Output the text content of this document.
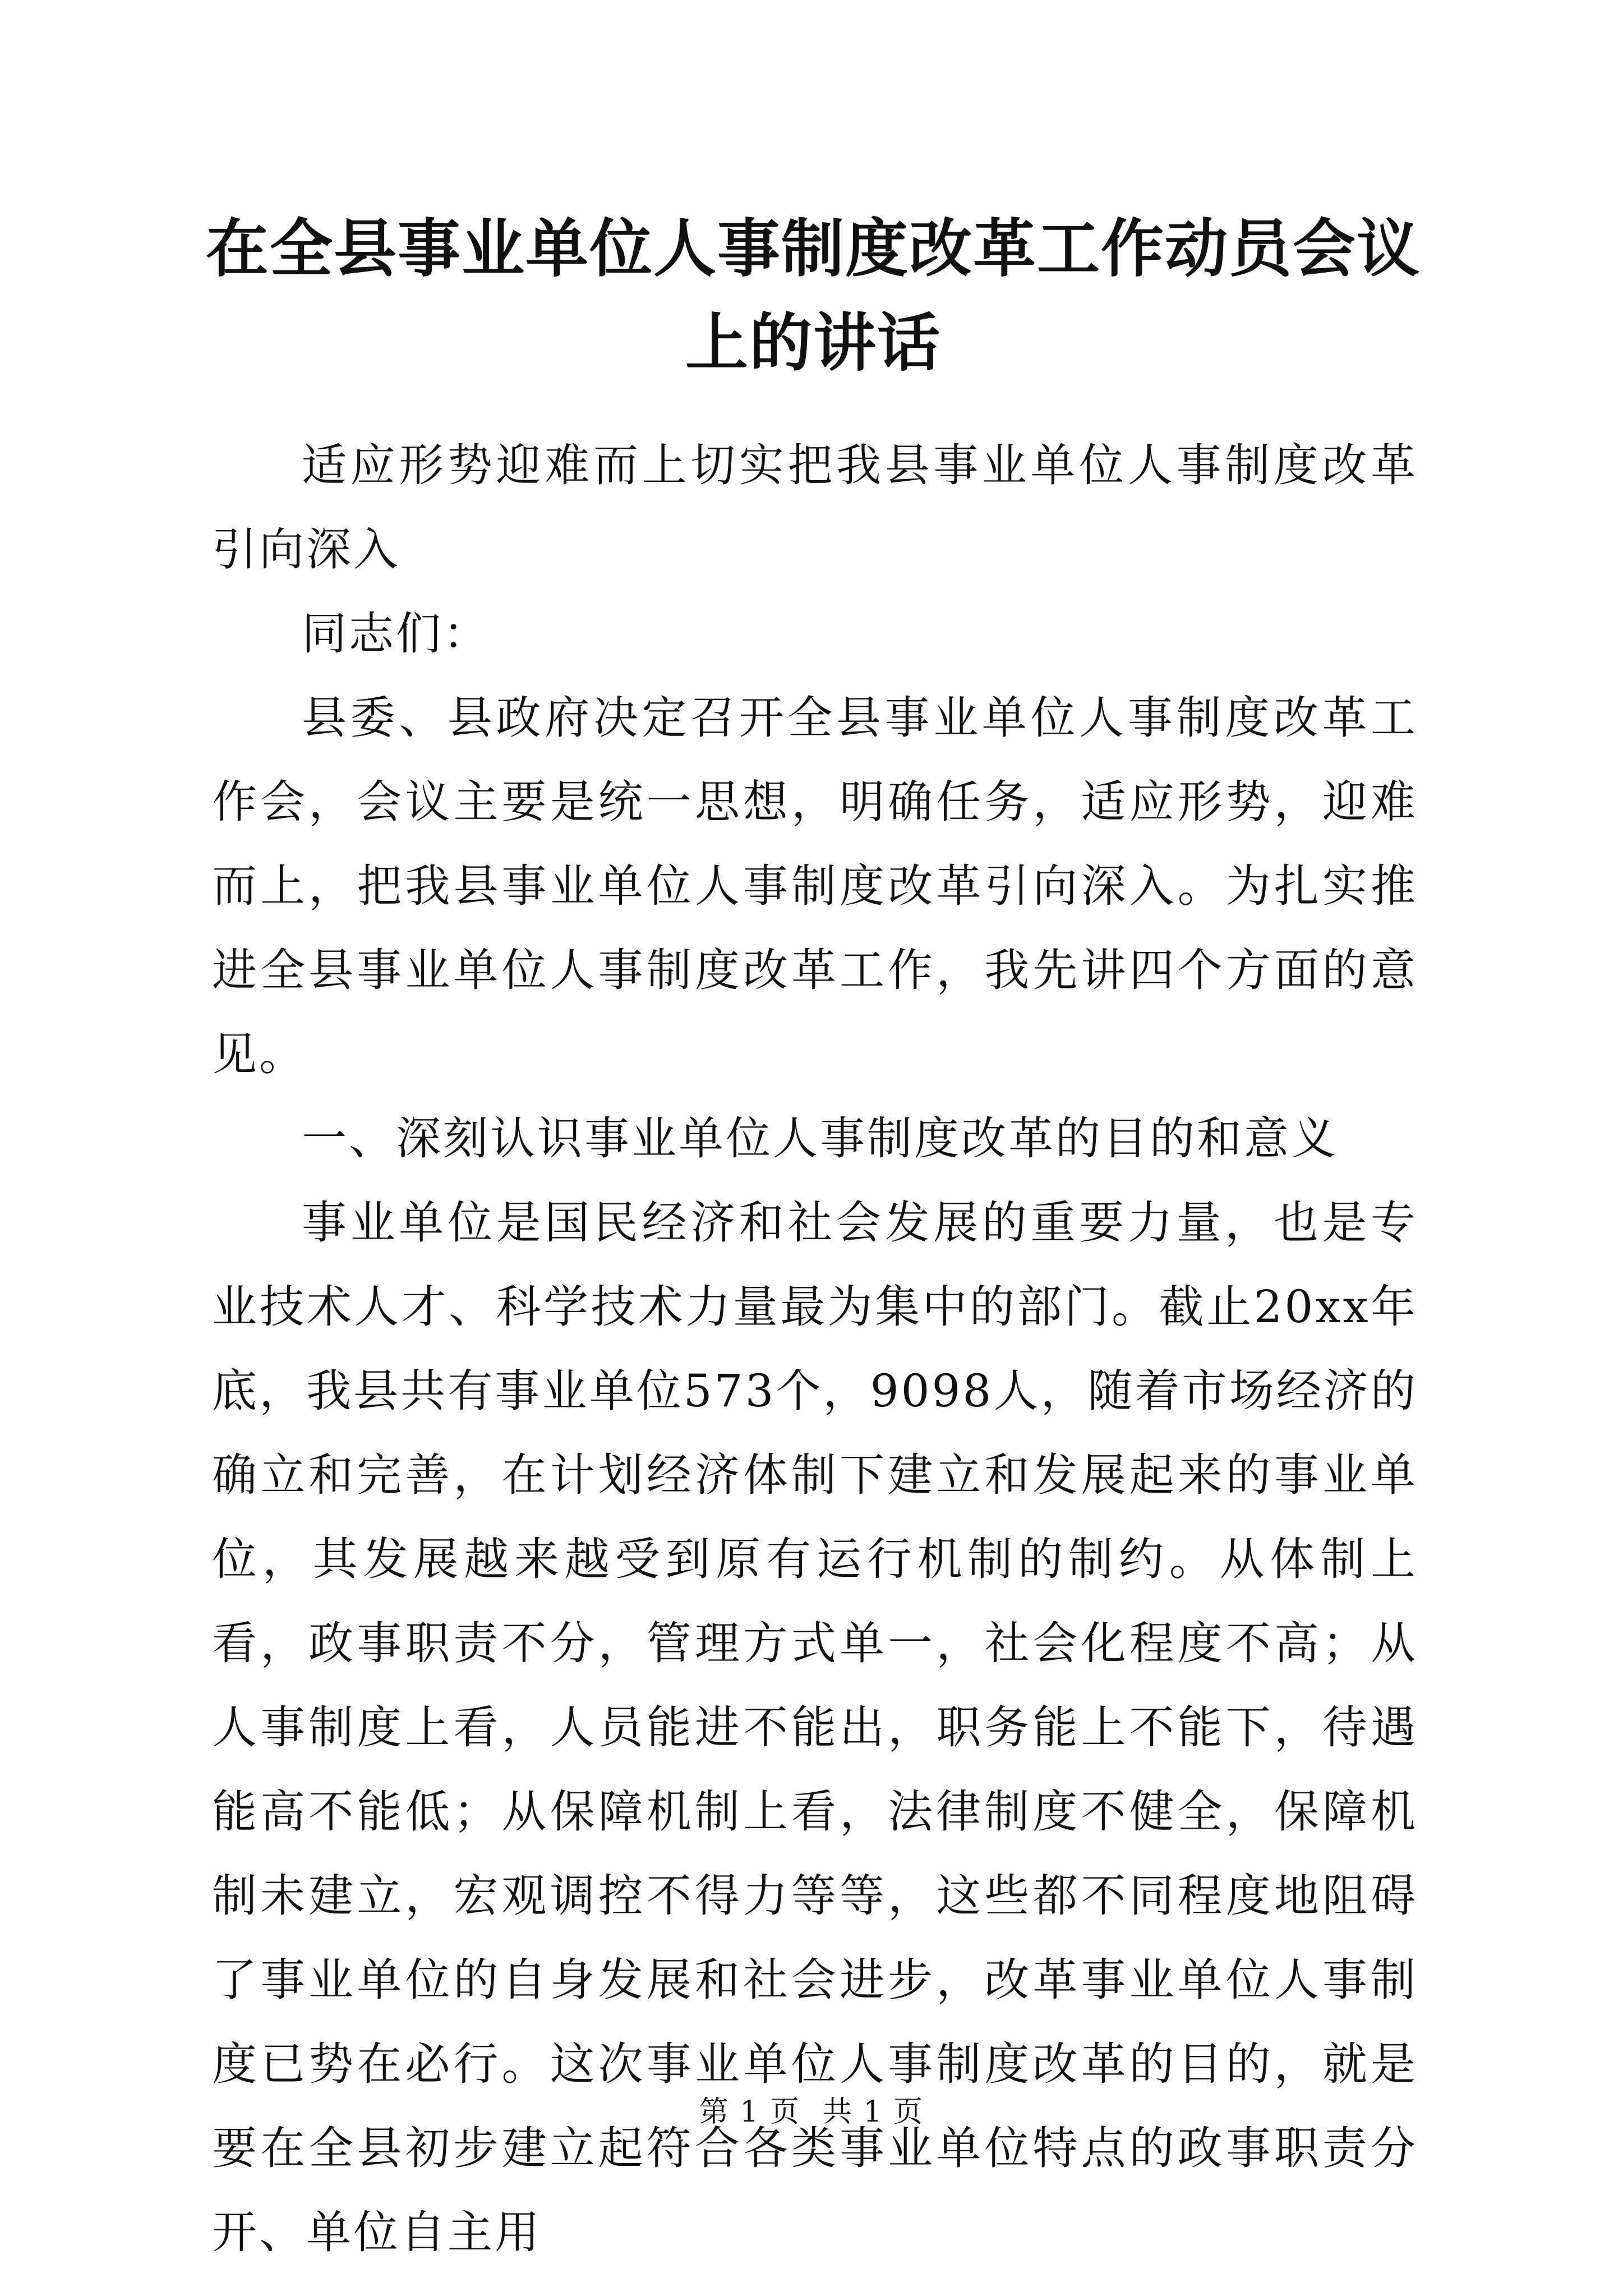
在全县事业单位人事制度改革工作动员会议上的讲话

适应形势迎难而上切实把我县事业单位人事制度改革引向深入

同志们：

县委、县政府决定召开全县事业单位人事制度改革工作会，会议主要是统一思想，明确任务，适应形势，迎难而上，把我县事业单位人事制度改革引向深入。为扎实推进全县事业单位人事制度改革工作，我先讲四个方面的意见。

一、深刻认识事业单位人事制度改革的目的和意义

事业单位是国民经济和社会发展的重要力量，也是专业技术人才、科学技术力量最为集中的部门。截止20xx年底，我县共有事业单位573个，9098人，随着市场经济的确立和完善，在计划经济体制下建立和发展起来的事业单位，其发展越来越受到原有运行机制的制约。从体制上看，政事职责不分，管理方式单一，社会化程度不高；从人事制度上看，人员能进不能出，职务能上不能下，待遇能高不能低；从保障机制上看，法律制度不健全，保障机制未建立，宏观调控不得力等等，这些都不同程度地阻碍了事业单位的自身发展和社会进步，改革事业单位人事制度已势在必行。这次事业单位人事制度改革的目的，就是要在全县初步建立起符合各类事业单位特点的政事职责分开、单位自主用

第 1 页 共 1 页
